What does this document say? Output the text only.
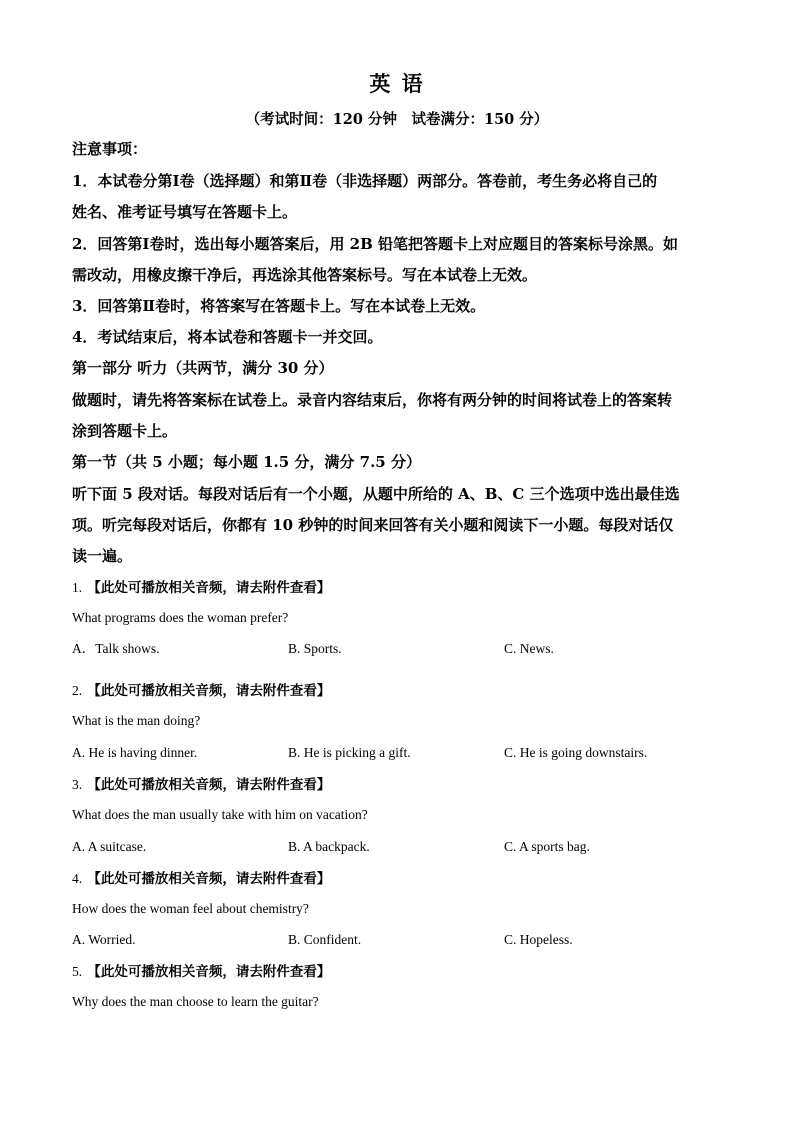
英 语
（考试时间：120 分钟　试卷满分：150 分）
注意事项：
1．本试卷分第Ⅰ卷（选择题）和第Ⅱ卷（非选择题）两部分。答卷前，考生务必将自己的
姓名、准考证号填写在答题卡上。
2．回答第Ⅰ卷时，选出每小题答案后，用 2B 铅笔把答题卡上对应题目的答案标号涂黑。如
需改动，用橡皮擦干净后，再选涂其他答案标号。写在本试卷上无效。
3．回答第Ⅱ卷时，将答案写在答题卡上。写在本试卷上无效。
4．考试结束后，将本试卷和答题卡一并交回。
第一部分 听力（共两节，满分 30 分）
做题时，请先将答案标在试卷上。录音内容结束后，你将有两分钟的时间将试卷上的答案转
涂到答题卡上。
第一节（共 5 小题；每小题 1.5 分，满分 7.5 分）
听下面 5 段对话。每段对话后有一个小题，从题中所给的 A、B、C 三个选项中选出最佳选
项。听完每段对话后，你都有 10 秒钟的时间来回答有关小题和阅读下一小题。每段对话仅
读一遍。
1. 【此处可播放相关音频，请去附件查看】
What programs does the woman prefer?
A．Talk shows.	B. Sports.	C. News.
2. 【此处可播放相关音频，请去附件查看】
What is the man doing?
A. He is having dinner.	B. He is picking a gift.	C. He is going downstairs.
3. 【此处可播放相关音频，请去附件查看】
What does the man usually take with him on vacation?
A. A suitcase.	B. A backpack.	C. A sports bag.
4. 【此处可播放相关音频，请去附件查看】
How does the woman feel about chemistry?
A. Worried.	B. Confident.	C. Hopeless.
5. 【此处可播放相关音频，请去附件查看】
Why does the man choose to learn the guitar?
